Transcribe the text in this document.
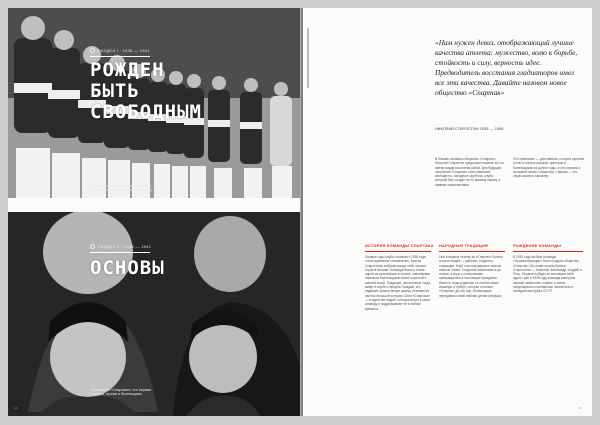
РАЗДЕЛ I · 1935 — 1941
РОЖДЕН
БЫТЬ
СВОБОДНЫМ
«Спартак» — люди, которые, долгие годы, хранили его и вели к будущему
РАЗДЕЛ II · 1935 — 1941
ОСНОВЫ
Основатели «Спартака», его первые тренеры, игроки и болельщики

«Нам нужен девиз, отображающий лучшие качества атлета: мужество, волю к борьбе, стойкость и силу, верность идее. Предводитель восстания гладиаторов имел все эти качества. Давайте назовем новое общество «Спартак»

НИКОЛАЙ СТАРОСТИН 1935 — 1996

В Москве основано общество «Спартак». Николай Старостин предложил назвать его по имени вождя восстания рабов. Для будущих поколений «Спартак» стал символом свободного, народного футбола, клуба, который был создан не по приказу сверху, а самими спортсменами.

Это признание — достижение, которое сделали сотни и тысячи игроков, тренеров и болельщиков за долгие годы, и оно связано с историей нашего общества. Спартак — это образ жизни и характер.

ИСТОРИЯ КОМАНДЫ СПАРТАКА

Первые годы клуба, начиная с 1935 года, стали временем становления. Братья Старостины собрали вокруг себя лучших игроков Москвы. Команда быстро стала одной из сильнейших в стране, завоевывая симпатии болельщиков своей открытой и смелой игрой. Традиции, заложенные тогда, живут в клубе и сегодня. Каждый, кто надевает красно-белую форму, становится частью большой истории. Сила «Спартака» — в единстве людей, которые верят в свою команду и поддерживают ее в любые времена.

НАРОДНАЯ ТРАДИЦИЯ

Уже в первые сезоны за «Спартак» болели тысячи людей — рабочие, студенты, служащие. Клуб стал народным в полном смысле слова. Стадионы заполнялись до отказа, а игры с соперниками превращались в настоящие праздники. Именно тогда родилась та особая связь команды и трибун, которая отличает «Спартак» до сих пор. Болельщики передавали свою любовь детям и внукам.

РОЖДЕНИЕ КОМАНДЫ

В 1935 году на базе команды «Промкооперации» было создано общество «Спартак». Во главе стояли братья Старостины — Николай, Александр, Андрей и Петр. Первые победы не заставили себя ждать: уже в 1936 году команда выиграла первый чемпионат страны, а затем неоднократно становилась чемпионом и обладателем Кубка СССР.

13
12
